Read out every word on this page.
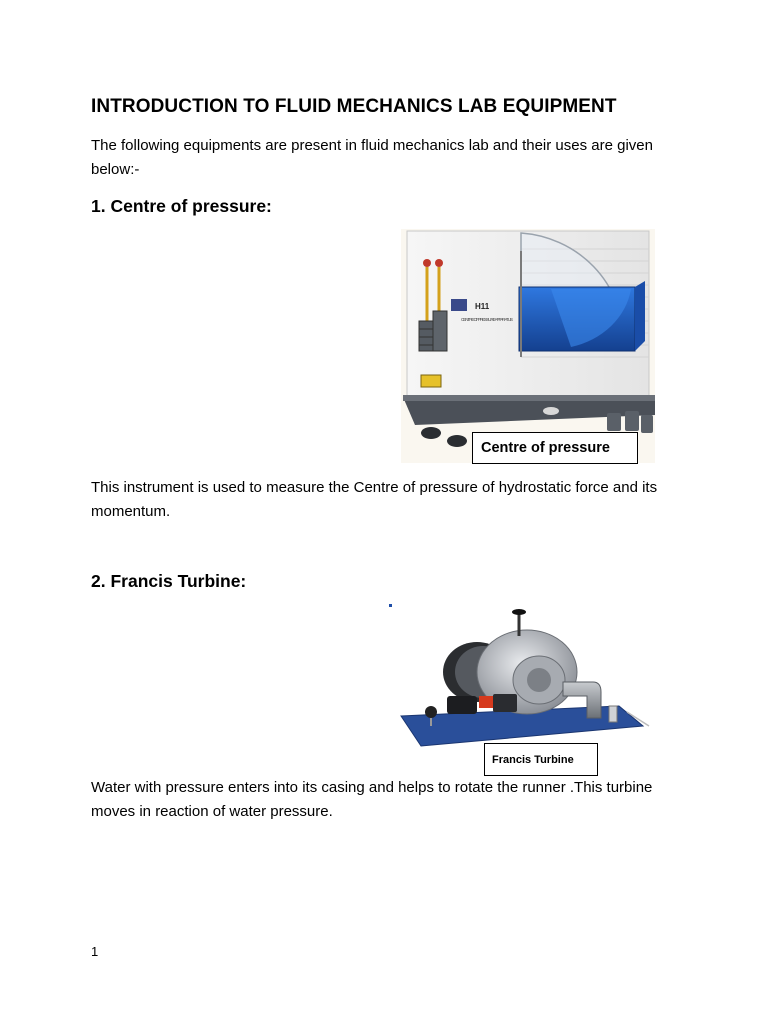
INTRODUCTION TO FLUID MECHANICS LAB EQUIPMENT
The following equipments are present in fluid mechanics lab and their uses are given below:-
1. Centre of pressure:
H11
CENTRE OF PRESSURE APPARATUS
Centre of pressure
This instrument is used to measure the Centre of pressure of hydrostatic force and its momentum.
2. Francis Turbine:
Francis Turbine
Water with pressure enters into its casing and helps to rotate the runner .This turbine moves in reaction of water pressure.
1
